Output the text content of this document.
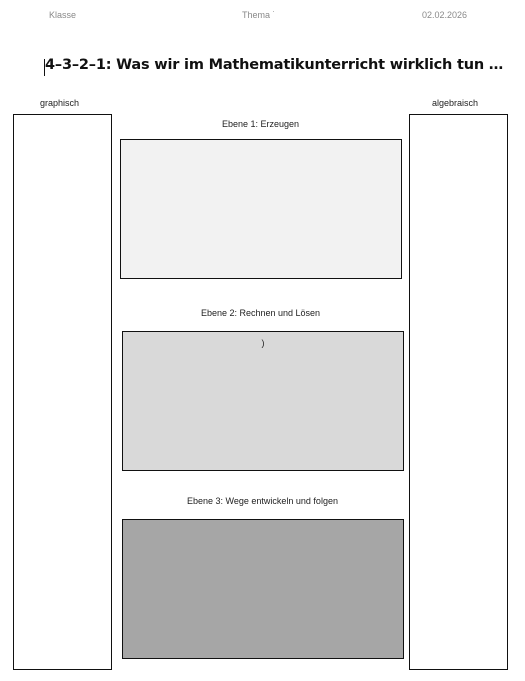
Klasse	Thema ˙	02.02.2026
4–3–2–1: Was wir im Mathematikunterricht wirklich tun …
graphisch	algebraisch
Ebene 1: Erzeugen
Ebene 2: Rechnen und Lösen
)
Ebene 3: Wege entwickeln und folgen
